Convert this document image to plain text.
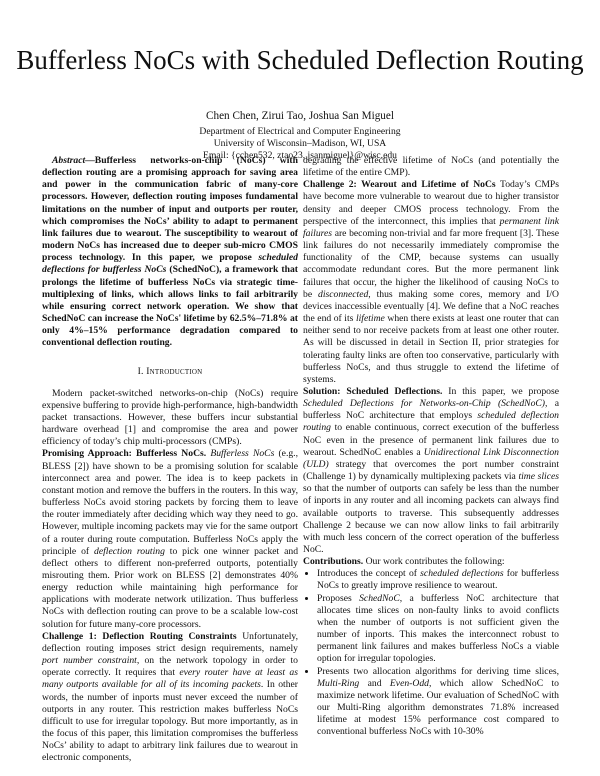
Bufferless NoCs with Scheduled Deflection Routing
Chen Chen, Zirui Tao, Joshua San Miguel
Department of Electrical and Computer Engineering
University of Wisconsin–Madison, WI, USA
Email: {cchen532, ztao23, jsanmiguel}@wisc.edu

Abstract—Bufferless networks-on-chip (NoCs) with deflection routing are a promising approach for saving area and power in the communication fabric of many-core processors. However, deflection routing imposes fundamental limitations on the number of input and outports per router, which compromises the NoCs’ ability to adapt to permanent link failures due to wearout. The susceptibility to wearout of modern NoCs has increased due to deeper sub-micro CMOS process technology. In this paper, we propose scheduled deflections for bufferless NoCs (SchedNoC), a framework that prolongs the lifetime of bufferless NoCs via strategic time-multiplexing of links, which allows links to fail arbitrarily while ensuring correct network operation. We show that SchedNoC can increase the NoCs' lifetime by 62.5%–71.8% at only 4%–15% performance degradation compared to conventional deflection routing.

I. Introduction

Modern packet-switched networks-on-chip (NoCs) require expensive buffering to provide high-performance, high-bandwidth packet transactions. However, these buffers incur substantial hardware overhead [1] and compromise the area and power efficiency of today’s chip multi-processors (CMPs).

Promising Approach: Bufferless NoCs. Bufferless NoCs (e.g., BLESS [2]) have shown to be a promising solution for scalable interconnect area and power. The idea is to keep packets in constant motion and remove the buffers in the routers. In this way, bufferless NoCs avoid storing packets by forcing them to leave the router immediately after deciding which way they need to go. However, multiple incoming packets may vie for the same outport of a router during route computation. Bufferless NoCs apply the principle of deflection routing to pick one winner packet and deflect others to different non-preferred outports, potentially misrouting them. Prior work on BLESS [2] demonstrates 40% energy reduction while maintaining high performance for applications with moderate network utilization. Thus bufferless NoCs with deflection routing can prove to be a scalable low-cost solution for future many-core processors.

Challenge 1: Deflection Routing Constraints Unfortunately, deflection routing imposes strict design requirements, namely port number constraint, on the network topology in order to operate correctly. It requires that every router have at least as many outports available for all of its incoming packets. In other words, the number of inports must never exceed the number of outports in any router. This restriction makes bufferless NoCs difficult to use for irregular topology. But more importantly, as in the focus of this paper, this limitation compromises the bufferless NoCs’ ability to adapt to arbitrary link failures due to wearout in electronic components,

degrading the effective lifetime of NoCs (and potentially the lifetime of the entire CMP).

Challenge 2: Wearout and Lifetime of NoCs Today’s CMPs have become more vulnerable to wearout due to higher transistor density and deeper CMOS process technology. From the perspective of the interconnect, this implies that permanent link failures are becoming non-trivial and far more frequent [3]. These link failures do not necessarily immediately compromise the functionality of the CMP, because systems can usually accommodate redundant cores. But the more permanent link failures that occur, the higher the likelihood of causing NoCs to be disconnected, thus making some cores, memory and I/O devices inaccessible eventually [4]. We define that a NoC reaches the end of its lifetime when there exists at least one router that can neither send to nor receive packets from at least one other router. As will be discussed in detail in Section II, prior strategies for tolerating faulty links are often too conservative, particularly with bufferless NoCs, and thus struggle to extend the lifetime of systems.

Solution: Scheduled Deflections. In this paper, we propose Scheduled Deflections for Networks-on-Chip (SchedNoC), a bufferless NoC architecture that employs scheduled deflection routing to enable continuous, correct execution of the bufferless NoC even in the presence of permanent link failures due to wearout. SchedNoC enables a Unidirectional Link Disconnection (ULD) strategy that overcomes the port number constraint (Challenge 1) by dynamically multiplexing packets via time slices so that the number of outports can safely be less than the number of inports in any router and all incoming packets can always find available outports to traverse. This subsequently addresses Challenge 2 because we can now allow links to fail arbitrarily with much less concern of the correct operation of the bufferless NoC.

Contributions. Our work contributes the following:

• Introduces the concept of scheduled deflections for bufferless NoCs to greatly improve resilience to wearout.
• Proposes SchedNoC, a bufferless NoC architecture that allocates time slices on non-faulty links to avoid conflicts when the number of outports is not sufficient given the number of inports. This makes the interconnect robust to permanent link failures and makes bufferless NoCs a viable option for irregular topologies.
• Presents two allocation algorithms for deriving time slices, Multi-Ring and Even-Odd, which allow SchedNoC to maximize network lifetime. Our evaluation of SchedNoC with our Multi-Ring algorithm demonstrates 71.8% increased lifetime at modest 15% performance cost compared to conventional bufferless NoCs with 10-30%
